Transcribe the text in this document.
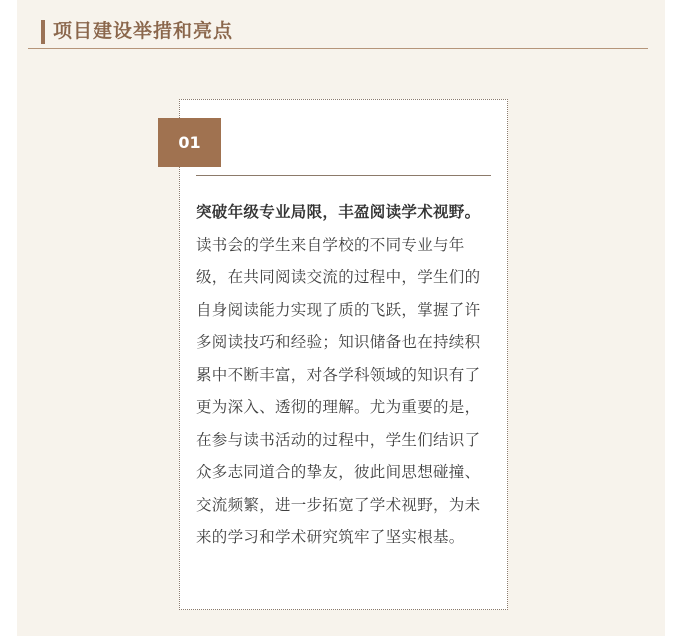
项目建设举措和亮点
01

突破年级专业局限，丰盈阅读学术视野。读书会的学生来自学校的不同专业与年级，在共同阅读交流的过程中，学生们的自身阅读能力实现了质的飞跃，掌握了许多阅读技巧和经验；知识储备也在持续积累中不断丰富，对各学科领域的知识有了更为深入、透彻的理解。尤为重要的是，在参与读书活动的过程中，学生们结识了众多志同道合的挚友，彼此间思想碰撞、交流频繁，进一步拓宽了学术视野，为未来的学习和学术研究筑牢了坚实根基。
